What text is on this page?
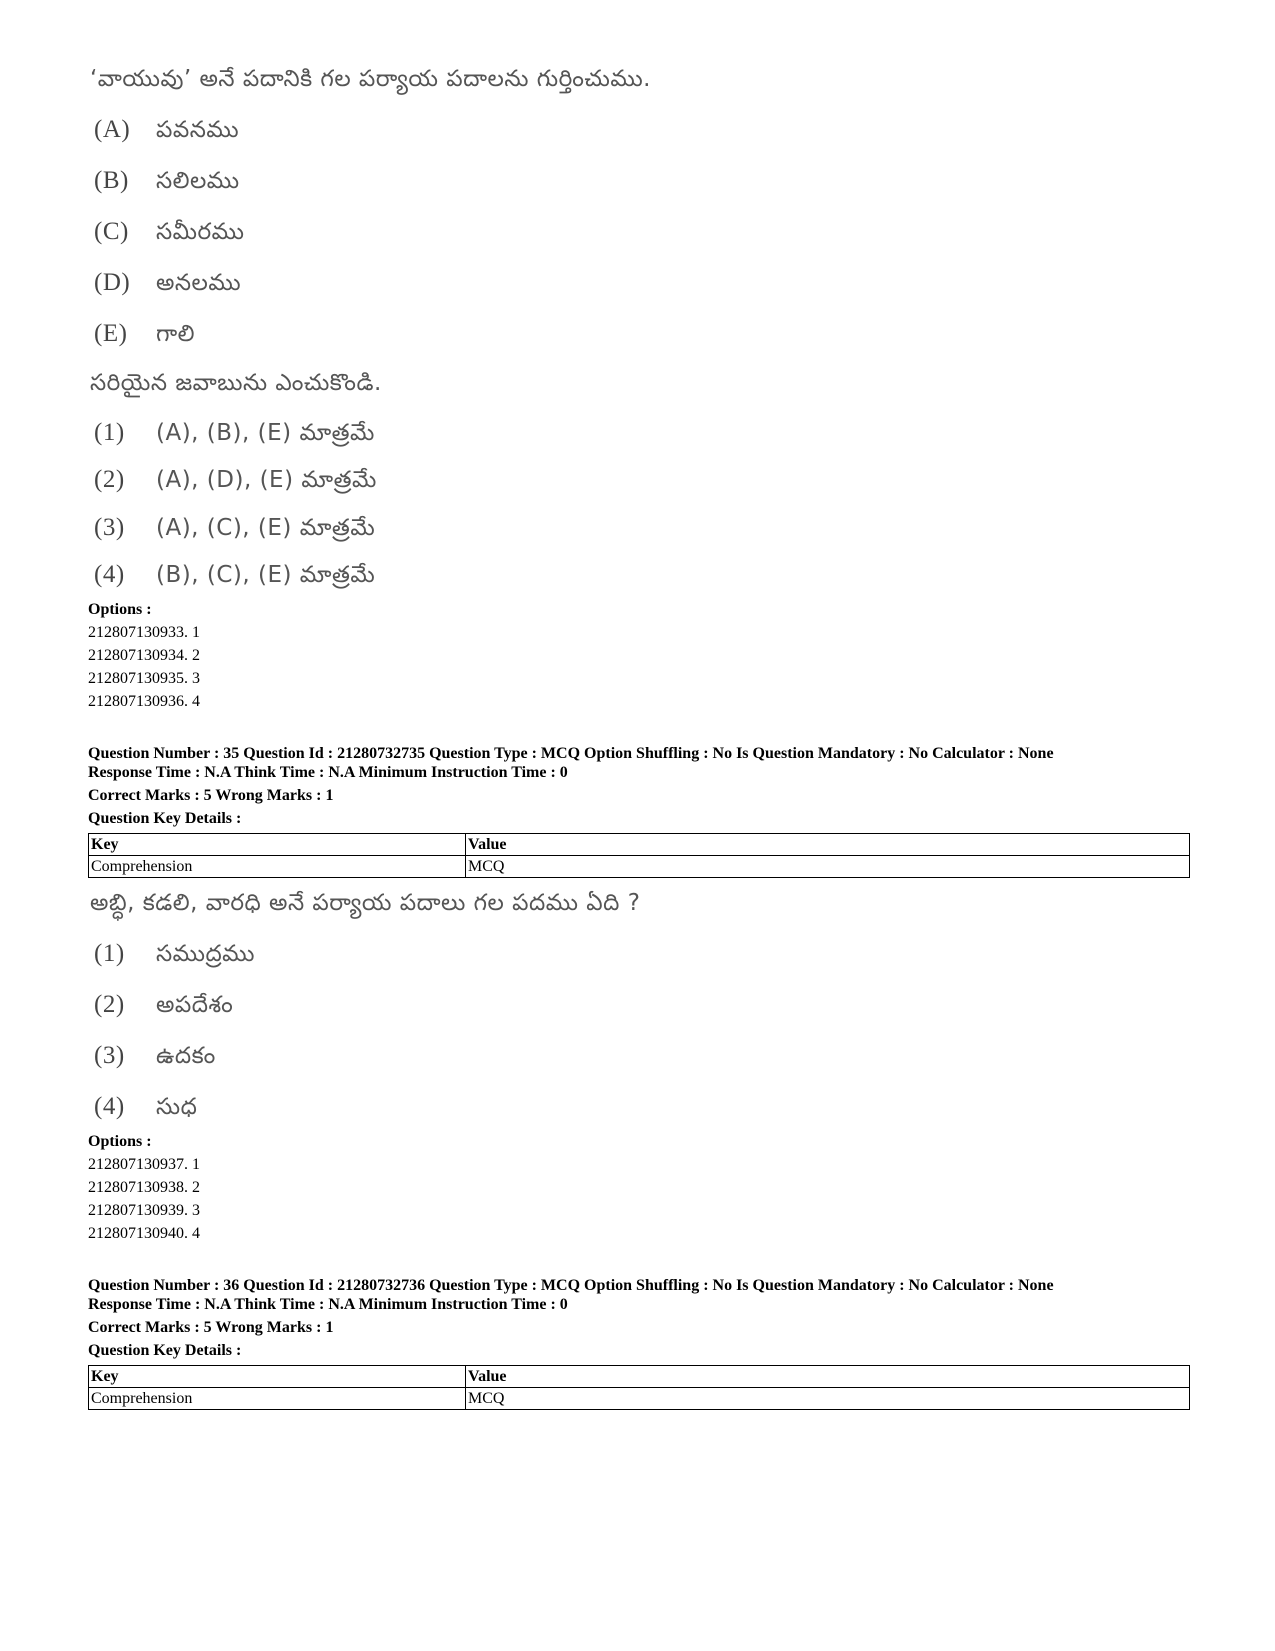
‘వాయువు’ అనే పదానికి గల పర్యాయ పదాలను గుర్తించుము.
(A) పవనము
(B) సలిలము
(C) సమీరము
(D) అనలము
(E) గాలి
సరియైన జవాబును ఎంచుకొండి.
(1) (A), (B), (E) మాత్రమే
(2) (A), (D), (E) మాత్రమే
(3) (A), (C), (E) మాత్రమే
(4) (B), (C), (E) మాత్రమే
Options :
212807130933. 1
212807130934. 2
212807130935. 3
212807130936. 4
Question Number : 35 Question Id : 21280732735 Question Type : MCQ Option Shuffling : No Is Question Mandatory : No Calculator : None
Response Time : N.A Think Time : N.A Minimum Instruction Time : 0
Correct Marks : 5 Wrong Marks : 1
Question Key Details :
Key	Value
Comprehension	MCQ
అబ్ధి, కడలి, వారధి అనే పర్యాయ పదాలు గల పదము ఏది ?
(1) సముద్రము
(2) అపదేశం
(3) ఉదకం
(4) సుధ
Options :
212807130937. 1
212807130938. 2
212807130939. 3
212807130940. 4
Question Number : 36 Question Id : 21280732736 Question Type : MCQ Option Shuffling : No Is Question Mandatory : No Calculator : None
Response Time : N.A Think Time : N.A Minimum Instruction Time : 0
Correct Marks : 5 Wrong Marks : 1
Question Key Details :
Key	Value
Comprehension	MCQ
